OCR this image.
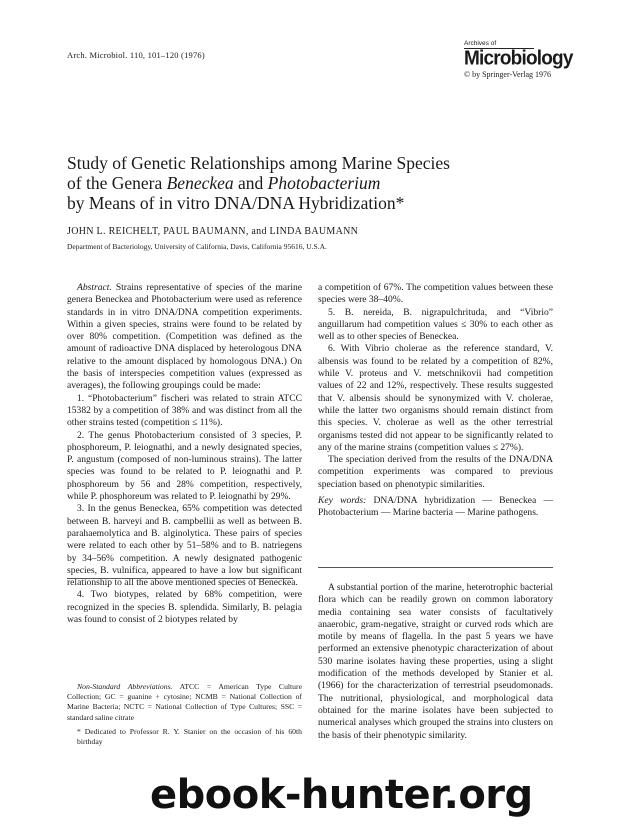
Arch. Microbiol. 110, 101–120 (1976)
Archives of
Microbiology
© by Springer-Verlag 1976
Study of Genetic Relationships among Marine Species
of the Genera Beneckea and Photobacterium
by Means of in vitro DNA/DNA Hybridization*
JOHN L. REICHELT, PAUL BAUMANN, and LINDA BAUMANN
Department of Bacteriology, University of California, Davis, California 95616, U.S.A.

Abstract. Strains representative of species of the marine genera Beneckea and Photobacterium were used as reference standards in in vitro DNA/DNA competition experiments. Within a given species, strains were found to be related by over 80% competition. (Competition was defined as the amount of radioactive DNA displaced by heterologous DNA relative to the amount displaced by homologous DNA.) On the basis of interspecies competition values (expressed as averages), the following groupings could be made:

1. “Photobacterium” fischeri was related to strain ATCC 15382 by a competition of 38% and was distinct from all the other strains tested (competition ≤ 11%).

2. The genus Photobacterium consisted of 3 species, P. phosphoreum, P. leiognathi, and a newly designated species, P. angustum (composed of non-luminous strains). The latter species was found to be related to P. leiognathi and P. phosphoreum by 56 and 28% competition, respectively, while P. phosphoreum was related to P. leiognathi by 29%.

3. In the genus Beneckea, 65% competition was detected between B. harveyi and B. campbellii as well as between B. parahaemolytica and B. alginolytica. These pairs of species were related to each other by 51–58% and to B. natriegens by 34–56% competition. A newly designated pathogenic species, B. vulnifica, appeared to have a low but significant relationship to all the above mentioned species of Beneckea.

4. Two biotypes, related by 68% competition, were recognized in the species B. splendida. Similarly, B. pelagia was found to consist of 2 biotypes related by

a competition of 67%. The competition values between these species were 38–40%.

5. B. nereida, B. nigrapulchritudа, and “Vibrio” anguillarum had competition values ≤ 30% to each other as well as to other species of Beneckea.

6. With Vibrio cholerae as the reference standard, V. albensis was found to be related by a competition of 82%, while V. proteus and V. metschnikovii had competition values of 22 and 12%, respectively. These results suggested that V. albensis should be synonymized with V. cholerae, while the latter two organisms should remain distinct from this species. V. cholerae as well as the other terrestrial organisms tested did not appear to be significantly related to any of the marine strains (competition values ≤ 27%).

The speciation derived from the results of the DNA/DNA competition experiments was compared to previous speciation based on phenotypic similarities.

Key words: DNA/DNA hybridization — Beneckea — Photobacterium — Marine bacteria — Marine pathogens.

A substantial portion of the marine, heterotrophic bacterial flora which can be readily grown on common laboratory media containing sea water consists of facultatively anaerobic, gram-negative, straight or curved rods which are motile by means of flagella. In the past 5 years we have performed an extensive phenotypic characterization of about 530 marine isolates having these properties, using a slight modification of the methods developed by Stanier et al. (1966) for the characterization of terrestrial pseudomonads. The nutritional, physiological, and morphological data obtained for the marine isolates have been subjected to numerical analyses which grouped the strains into clusters on the basis of their phenotypic similarity.

Non-Standard Abbreviations. ATCC = American Type Culture Collection; GC = guanine + cytosine; NCMB = National Collection of Marine Bacteria; NCTC = National Collection of Type Cultures; SSC = standard saline citrate

* Dedicated to Professor R. Y. Stanier on the occasion of his 60th birthday

ebook-hunter.org
